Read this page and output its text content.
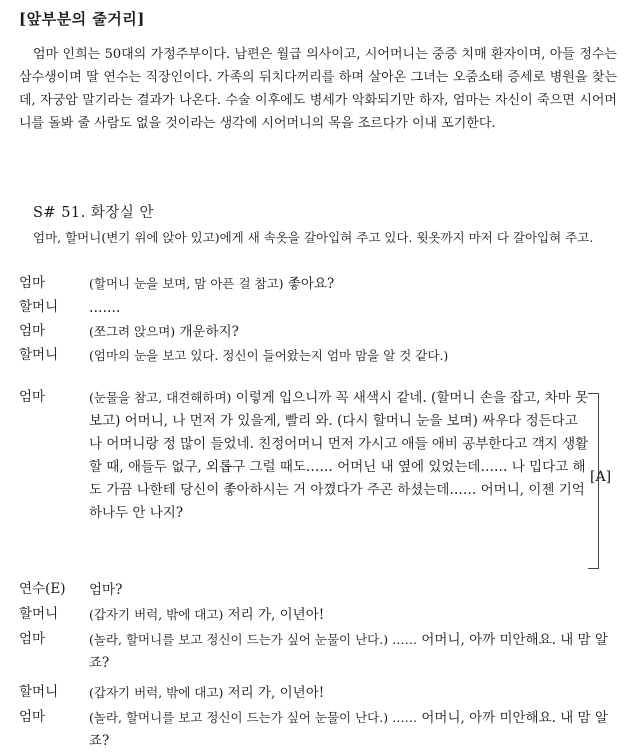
[앞부분의 줄거리]

엄마 인희는 50대의 가정주부이다. 남편은 월급 의사이고, 시어머니는 중증 치매 환자이며, 아들 정수는 삼수생이며 딸 연수는 직장인이다. 가족의 뒤치다꺼리를 하며 살아온 그녀는 오줌소태 증세로 병원을 찾는데, 자궁암 말기라는 결과가 나온다. 수술 이후에도 병세가 악화되기만 하자, 엄마는 자신이 죽으면 시어머니를 돌봐 줄 사람도 없을 것이라는 생각에 시어머니의 목을 조르다가 이내 포기한다.

S# 51. 화장실 안
엄마, 할머니(변기 위에 앉아 있고)에게 새 속옷을 갈아입혀 주고 있다. 윗옷까지 마저 다 갈아입혀 주고.
엄마	(할머니 눈을 보며, 맘 아픈 걸 참고) 좋아요?
할머니 …….
엄마	(쪼그려 앉으며) 개운하지?
할머니 (엄마의 눈을 보고 있다. 정신이 들어왔는지 엄마 맘을 알 것 같다.)
엄마	(눈물을 참고, 대견해하며) 이렇게 입으니까 꼭 새색시 같네. (할머니 손을 잡고, 차마 못 보고) 어머니, 나 먼저 가 있을게, 빨리 와. (다시 할머니 눈을 보며) 싸우다 정든다고 나 어머니랑 정 많이 들었네. 친정어머니 먼저 가시고 애들 애비 공부한다고 객지 생활할 때, 애들두 없구, 외롭구 그럴 때도…… 어머닌 내 옆에 있었는데…… 나 밉다고 해도 가끔 나한테 당신이 좋아하시는 거 아꼈다가 주곤 하셨는데…… 어머니, 이젠 기억 하나두 안 나지?
[A]
연수(E) 엄마?
할머니 (갑자기 버럭, 밖에 대고) 저리 가, 이년아!
엄마	(놀라, 할머니를 보고 정신이 드는가 싶어 눈물이 난다.) …… 어머니, 아까 미안해요. 내 맘 알죠?
할머니 (갑자기 버럭, 밖에 대고) 저리 가, 이년아!
엄마	(놀라, 할머니를 보고 정신이 드는가 싶어 눈물이 난다.) …… 어머니, 아까 미안해요. 내 맘 알죠?
